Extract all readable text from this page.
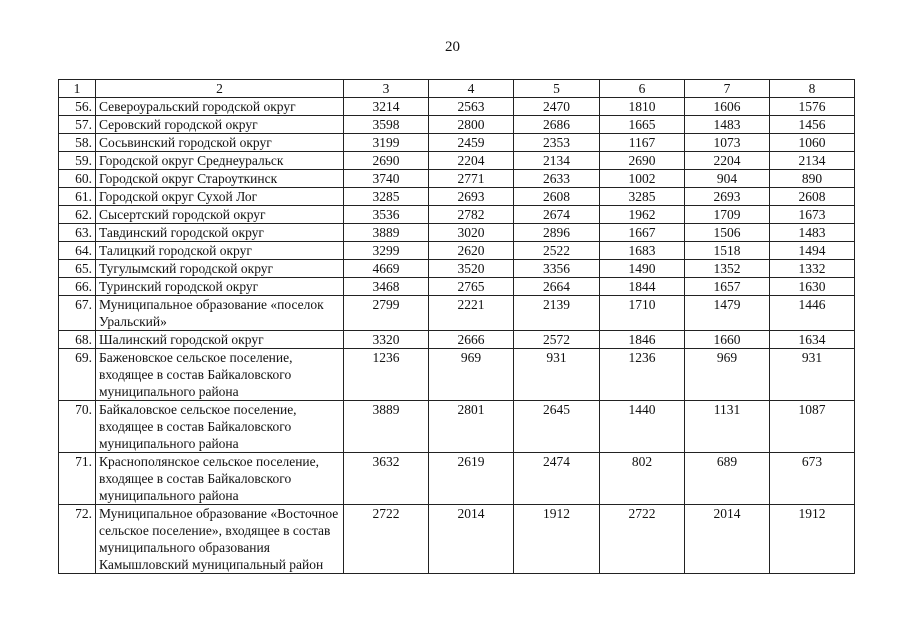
20
1	2	3	4	5	6	7	8
56.	Североуральский городской округ	3214	2563	2470	1810	1606	1576
57.	Серовский городской округ	3598	2800	2686	1665	1483	1456
58.	Сосьвинский городской округ	3199	2459	2353	1167	1073	1060
59.	Городской округ Среднеуральск	2690	2204	2134	2690	2204	2134
60.	Городской округ Староуткинск	3740	2771	2633	1002	904	890
61.	Городской округ Сухой Лог	3285	2693	2608	3285	2693	2608
62.	Сысертский городской округ	3536	2782	2674	1962	1709	1673
63.	Тавдинский городской округ	3889	3020	2896	1667	1506	1483
64.	Талицкий городской округ	3299	2620	2522	1683	1518	1494
65.	Тугулымский городской округ	4669	3520	3356	1490	1352	1332
66.	Туринский городской округ	3468	2765	2664	1844	1657	1630
67.	Муниципальное образование «поселок Уральский»	2799	2221	2139	1710	1479	1446
68.	Шалинский городской округ	3320	2666	2572	1846	1660	1634
69.	Баженовское сельское поселение, входящее в состав Байкаловского муниципального района	1236	969	931	1236	969	931
70.	Байкаловское сельское поселение, входящее в состав Байкаловского муниципального района	3889	2801	2645	1440	1131	1087
71.	Краснополянское сельское поселение, входящее в состав Байкаловского муниципального района	3632	2619	2474	802	689	673
72.	Муниципальное образование «Восточное сельское поселение», входящее в состав муниципального образования Камышловский муниципальный район	2722	2014	1912	2722	2014	1912
